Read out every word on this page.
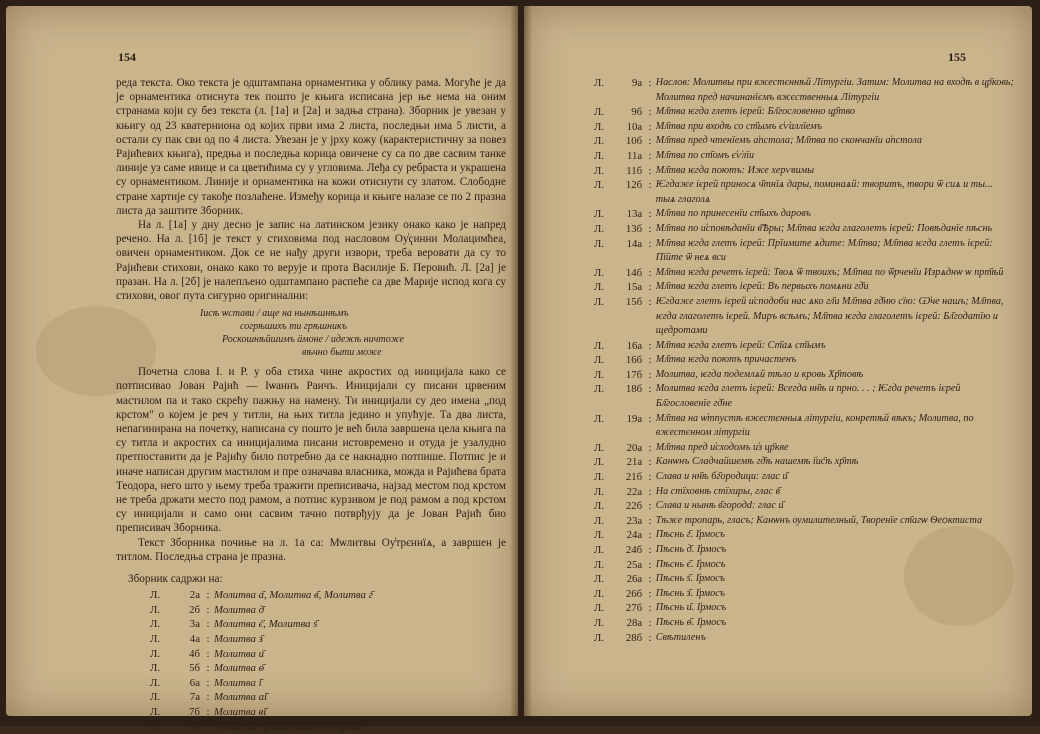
154

реда текста. Око текста је одштампана орнаментика у облику рама. Могуће је да је орнаментика отиснута тек пошто је књига исписана јер ње нема на оним странама који су без текста (л. [1а] и [2а] и задња страна). Зборник је увезан у књигу од 23 кватерниона од којих први има 2 листа, последњи има 5 листи, а остали су пак сви од по 4 листа. Увезан је у јрху кожу (карактеристичну за повез Рајићевих књига), предња и последња корица овичене су са по две сасвим танке линије уз саме ивице и са цветићима су у угловима. Леђа су ребраста и украшена су орнаментиком. Линије и орнаментика на кожи отиснути су златом. Слободне стране хартије су такође позлаћене. Између корица и књиге налазе се по 2 празна листа да заштите Зборник.

На л. [1а] у дну десно је запис на латинском језику онако како је напред речено. На л. [1б] је текст у стиховима под насловом Оу҆ҁинни Молацимћеа, овичен орнаментиком. Док се не нађу други извори, треба веровати да су то Рајићеви стихови, онако како то верује и прота Василије Б. Перовић. Л. [2а] је празан. На л. [2б] је налепљено одштампано распеће са две Марије испод кога су стихови, овог пута сигурно оригинални:

Іисѣ ѡстави / аще на нынѣшнѣмъ
согрѣшихъ ти грѣшникъ
Роскошнѣйшимъ ӓмоне / идежѣ ничтоже
вѣчно быти може

Почетна слова І. и Р. у оба стиха чине акростих од иницијала како се потписивао Јован Рајић — Іѡаннъ Раичъ. Иницијали су писани црвеним мастилом па и тако скрећу пажњу на намену. Ти иницијали су део имена „под крстом" о којем је реч у титли, на њих титла једино и упућује. Та два листа, непагинирана на почетку, написана су пошто је већ била завршена цела књига па су титла и акростих са иницијалима писани истовремено и отуда је узалудно претпоставити да је Рајићу било потребно да се накнадно потпише. Потпис је и иначе написан другим мастилом и пре означава власника, можда и Рајићева брата Теодора, него што у њему треба тражити преписивача, најзад местом под крстом не треба држати место под рамом, а потпис курзивом је под рамом а под крстом су иницијали и само они сасвим тачно потврђују да је Јован Рајић био преписивач Зборника.

Текст Зборника почиње на л. 1а са: Мѡлитвы Оу҆трєннїѧ, а завршен је титлом. Последња страна је празна.

Зборник садржи на:
Л.	2а : Молитва а҃, Молитва в҃, Молитва г҃
Л.	2б : Молитва д҃
Л.	3а : Молитва є҃, Молитва ѕ҃
Л.	4а : Молитва з҃
Л.	4б : Молитва и҃
Л.	5б : Молитва ѳ҃
Л.	6а : Молитва і҃
Л.	7а : Молитва аі҃
Л.	7б : Молитва ві҃
Л.	8б : Мѡлитва пришедшимъ къ цр҃кви
155
Л.	9а : Наслов: Молитвы при вжестєннѣй Літургіи. Затим: Молитва на входѣ в цр҃ковь; Молитва пред начинанїємъ вжєственныѧ Літургіи
Л.	9б : Мл҃тва ѥгда глетъ ієрей: Бл҃гословенно цр҃тво
Л.	10а : Мл҃тва при входѣ со ст҃ымъ є҆ѵ҆аллїемъ
Л.	10б : Мл҃тва пред чтенїемъ а҆пстола; Мл҃тва по скончанїи а҆пстола
Л.	11а : Мл҃тва по ст҃омъ є҆ѵ҆лїи
Л.	11б : Мл҃тва ѥгда поютъ: Иже херѵвимы
Л.	12б : Ѥгдаже ієрей приносѧ ч҃тнїѧ дары, поминаѧй: творитъ, твори ѿ сиѧ и ты... тыѧ глаголѧ
Л.	13а : Мл҃тва по принесенїи ст҃ыхъ даровъ
Л.	13б : Мл҃тва по и҆сповѣданїи в҃Ѣры; Мл҃тва ѥгда глаголетъ ієрей: Повѣданїе пѣснь
Л.	14а : Мл҃тва ѥгда глетъ ієрей: Прїимите ѧдите: Мл҃тва; Мл҃тва ѥгда глетъ ієрей: Пїйте ѿ неѧ вси
Л.	14б : Мл҃тва ѥгда речетъ ієрей: Твоѧ ѿ твоихъ; Мл҃тва по ѿрченїи Изрѧднѡ ѡ прт҃ѣй
Л.	15а : Мл҃тва ѥгда глетъ ієрей: Въ первыхъ помѧни гд҃и
Л.	15б : Ѥгдаже глетъ ієрей и҆сподоби нас ѧко гл҃и Мл҃тва гд҃ню сїю: Ѡ҆че нашъ; Мл҃тва, ѥгда глаголетъ ієрей. Миръ всѣмъ; Мл҃тва ѥгда глаголетъ ієрей: Бл҃годатїю и щедротами
Л.	16а : Мл҃тва ѥгда глетъ ієрей: Ст҃аѧ ст҃ымъ
Л.	16б : Мл҃тва ѥгда поютъ причастенъ
Л.	17б : Молитва, ѥгда подемлѧй тѣло и кровь Хр҃товѣ
Л.	18б : Молитва ѥгда глетъ ієрей: Всегда нн҃ѣ и прно. . . ; Ѥгда речетъ ієрей Бл҃гословенїе гд҃не
Л.	19а : Мл҃тва на ѡ҆тпустѣ вжестєнныѧ літургіи, конретѣй вѣкъ; Молитва, по вжестєнном літургіи
Л.	20а : Мл҃тва пред и҆сходомъ и҆з цр҃кве
Л.	21а : Канѡнъ Сладчайшемѣ гд҃ѣ нашемѣ і҆ис҃ѣ хр҃тѣ
Л.	21б : Слава и нн҃ѣ бг҃ородици: глас и҃
Л.	22а : На стїховнѣ стїхиры, глас в҃
Л.	22б : Слава и нынѣ в҃городd: глас и҃
Л.	23а : Тѣже тропарь, гласъ; Канѡнъ ѹмилителный, Творенїе ст҃агѡ Ѳеѻктиста
Л.	24а : Пѣснь г҃. І҆рмосъ
Л.	24б : Пѣснь д҃. І҆рмосъ
Л.	25а : Пѣснь є҃. І҆рмосъ
Л.	26а : Пѣснь ѕ҃. І҆рмосъ
Л.	26б : Пѣснь з҃. І҆рмосъ
Л.	27б : Пѣснь и҃. І҆рмосъ
Л.	28а : Пѣснь ѳ҃. І҆рмосъ
Л.	28б : Свѣтиленъ
